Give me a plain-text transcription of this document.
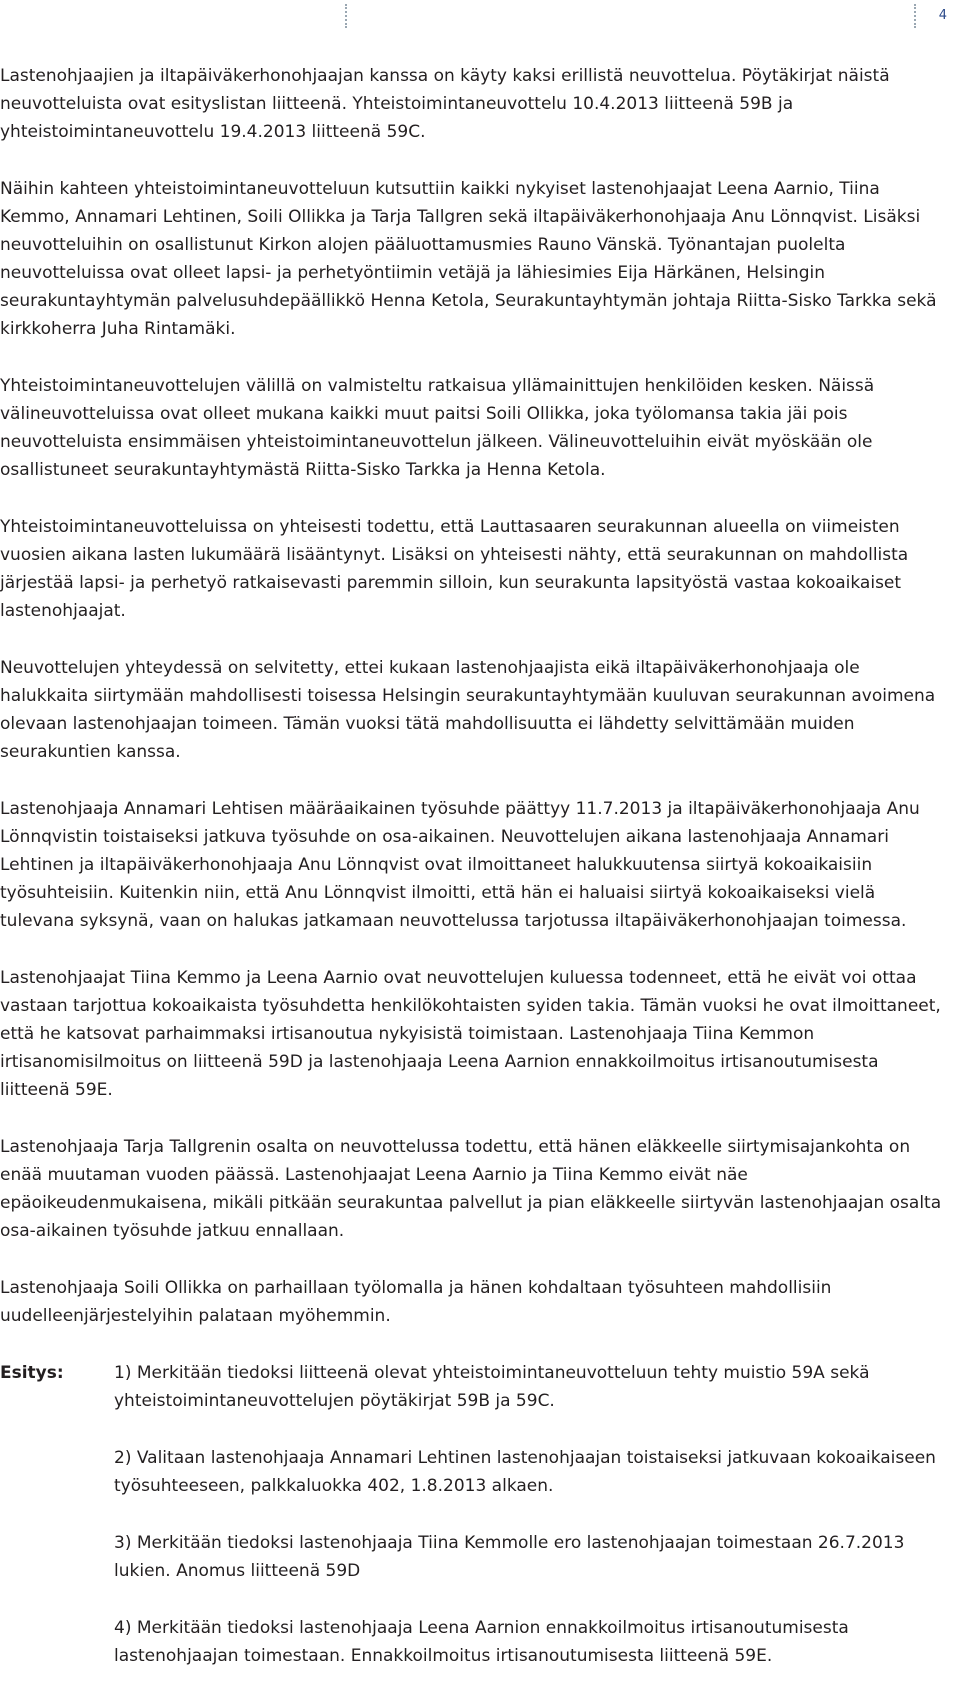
4

Lastenohjaajien ja iltapäiväkerhonohjaajan kanssa on käyty kaksi erillistä neuvottelua. Pöytäkirjat näistä neuvotteluista ovat esityslistan liitteenä. Yhteistoimintaneuvottelu 10.4.2013 liitteenä 59B ja yhteistoimintaneuvottelu 19.4.2013 liitteenä 59C.

Näihin kahteen yhteistoimintaneuvotteluun kutsuttiin kaikki nykyiset lastenohjaajat Leena Aarnio, Tiina Kemmo, Annamari Lehtinen, Soili Ollikka ja Tarja Tallgren sekä iltapäiväkerhonohjaaja Anu Lönnqvist. Lisäksi neuvotteluihin on osallistunut Kirkon alojen pääluottamusmies Rauno Vänskä. Työnantajan puolelta neuvotteluissa ovat olleet lapsi- ja perhetyöntiimin vetäjä ja lähiesimies Eija Härkänen, Helsingin seurakuntayhtymän palvelusuhdepäällikkö Henna Ketola, Seurakuntayhtymän johtaja Riitta-Sisko Tarkka sekä kirkkoherra Juha Rintamäki.

Yhteistoimintaneuvottelujen välillä on valmisteltu ratkaisua yllämainittujen henkilöiden kesken. Näissä välineuvotteluissa ovat olleet mukana kaikki muut paitsi Soili Ollikka, joka työlomansa takia jäi pois neuvotteluista ensimmäisen yhteistoimintaneuvottelun jälkeen. Välineuvotteluihin eivät myöskään ole osallistuneet seurakuntayhtymästä Riitta-Sisko Tarkka ja Henna Ketola.

Yhteistoimintaneuvotteluissa on yhteisesti todettu, että Lauttasaaren seurakunnan alueella on viimeisten vuosien aikana lasten lukumäärä lisääntynyt. Lisäksi on yhteisesti nähty, että seurakunnan on mahdollista järjestää lapsi- ja perhetyö ratkaisevasti paremmin silloin, kun seurakunta lapsityöstä vastaa kokoaikaiset lastenohjaajat.

Neuvottelujen yhteydessä on selvitetty, ettei kukaan lastenohjaajista eikä iltapäiväkerhonohjaaja ole halukkaita siirtymään mahdollisesti toisessa Helsingin seurakuntayhtymään kuuluvan seurakunnan avoimena olevaan lastenohjaajan toimeen. Tämän vuoksi tätä mahdollisuutta ei lähdetty selvittämään muiden seurakuntien kanssa.

Lastenohjaaja Annamari Lehtisen määräaikainen työsuhde päättyy 11.7.2013 ja iltapäiväkerhonohjaaja Anu Lönnqvistin toistaiseksi jatkuva työsuhde on osa-aikainen. Neuvottelujen aikana lastenohjaaja Annamari Lehtinen ja iltapäiväkerhonohjaaja Anu Lönnqvist ovat ilmoittaneet halukkuutensa siirtyä kokoaikaisiin työsuhteisiin. Kuitenkin niin, että Anu Lönnqvist ilmoitti, että hän ei haluaisi siirtyä kokoaikaiseksi vielä tulevana syksynä, vaan on halukas jatkamaan neuvottelussa tarjotussa iltapäiväkerhonohjaajan toimessa.

Lastenohjaajat Tiina Kemmo ja Leena Aarnio ovat neuvottelujen kuluessa todenneet, että he eivät voi ottaa vastaan tarjottua kokoaikaista työsuhdetta henkilökohtaisten syiden takia. Tämän vuoksi he ovat ilmoittaneet, että he katsovat parhaimmaksi irtisanoutua nykyisistä toimistaan. Lastenohjaaja Tiina Kemmon irtisanomisilmoitus on liitteenä 59D ja lastenohjaaja Leena Aarnion ennakkoilmoitus irtisanoutumisesta liitteenä 59E.

Lastenohjaaja Tarja Tallgrenin osalta on neuvottelussa todettu, että hänen eläkkeelle siirtymisajankohta on enää muutaman vuoden päässä. Lastenohjaajat Leena Aarnio ja Tiina Kemmo eivät näe epäoikeudenmukaisena, mikäli pitkään seurakuntaa palvellut ja pian eläkkeelle siirtyvän lastenohjaajan osalta osa-aikainen työsuhde jatkuu ennallaan.

Lastenohjaaja Soili Ollikka on parhaillaan työlomalla ja hänen kohdaltaan työsuhteen mahdollisiin uudelleenjärjestelyihin palataan myöhemmin.

Esitys:	1) Merkitään tiedoksi liitteenä olevat yhteistoimintaneuvotteluun tehty muistio 59A sekä yhteistoimintaneuvottelujen pöytäkirjat 59B ja 59C.

2) Valitaan lastenohjaaja Annamari Lehtinen lastenohjaajan toistaiseksi jatkuvaan kokoaikaiseen työsuhteeseen, palkkaluokka 402, 1.8.2013 alkaen.

3) Merkitään tiedoksi lastenohjaaja Tiina Kemmolle ero lastenohjaajan toimestaan 26.7.2013 lukien. Anomus liitteenä 59D

4) Merkitään tiedoksi lastenohjaaja Leena Aarnion ennakkoilmoitus irtisanoutumisesta lastenohjaajan toimestaan. Ennakkoilmoitus irtisanoutumisesta liitteenä 59E.
